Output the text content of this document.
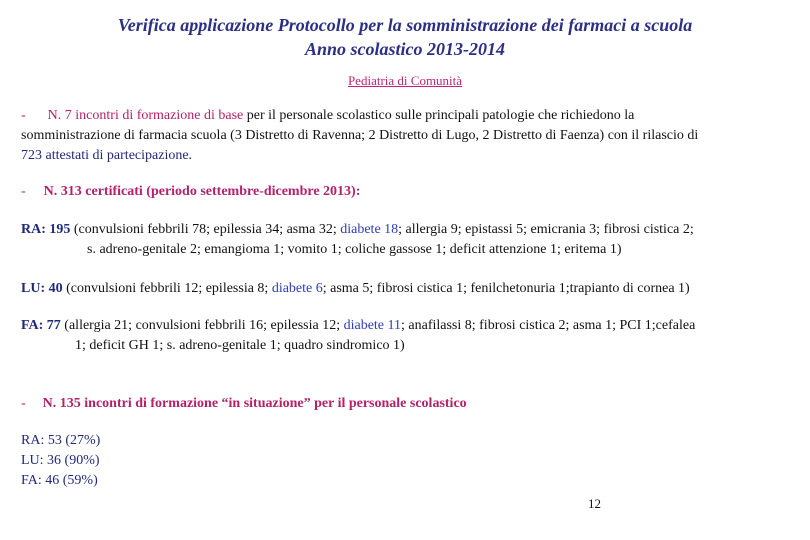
Verifica applicazione Protocollo per la somministrazione dei farmaci a scuola
Anno scolastico 2013-2014
Pediatria di Comunità
- N. 7 incontri di formazione di base per il personale scolastico sulle principali patologie che richiedono la
somministrazione di farmacia scuola (3 Distretto di Ravenna; 2 Distretto di Lugo, 2 Distretto di Faenza) con il rilascio di
723 attestati di partecipazione.
- N. 313 certificati (periodo settembre-dicembre 2013):
RA: 195 (convulsioni febbrili 78; epilessia 34; asma 32; diabete 18; allergia 9; epistassi 5; emicrania 3; fibrosi cistica 2;
s. adreno-genitale 2; emangioma 1; vomito 1; coliche gassose 1; deficit attenzione 1; eritema 1)
LU: 40 (convulsioni febbrili 12; epilessia 8; diabete 6; asma 5; fibrosi cistica 1; fenilchetonuria 1;trapianto di cornea 1)
FA: 77 (allergia 21; convulsioni febbrili 16; epilessia 12; diabete 11; anafilassi 8; fibrosi cistica 2; asma 1; PCI 1;cefalea
1; deficit GH 1; s. adreno-genitale 1; quadro sindromico 1)
- N. 135 incontri di formazione “in situazione” per il personale scolastico
RA: 53 (27%)
LU: 36 (90%)
FA: 46 (59%)
12
